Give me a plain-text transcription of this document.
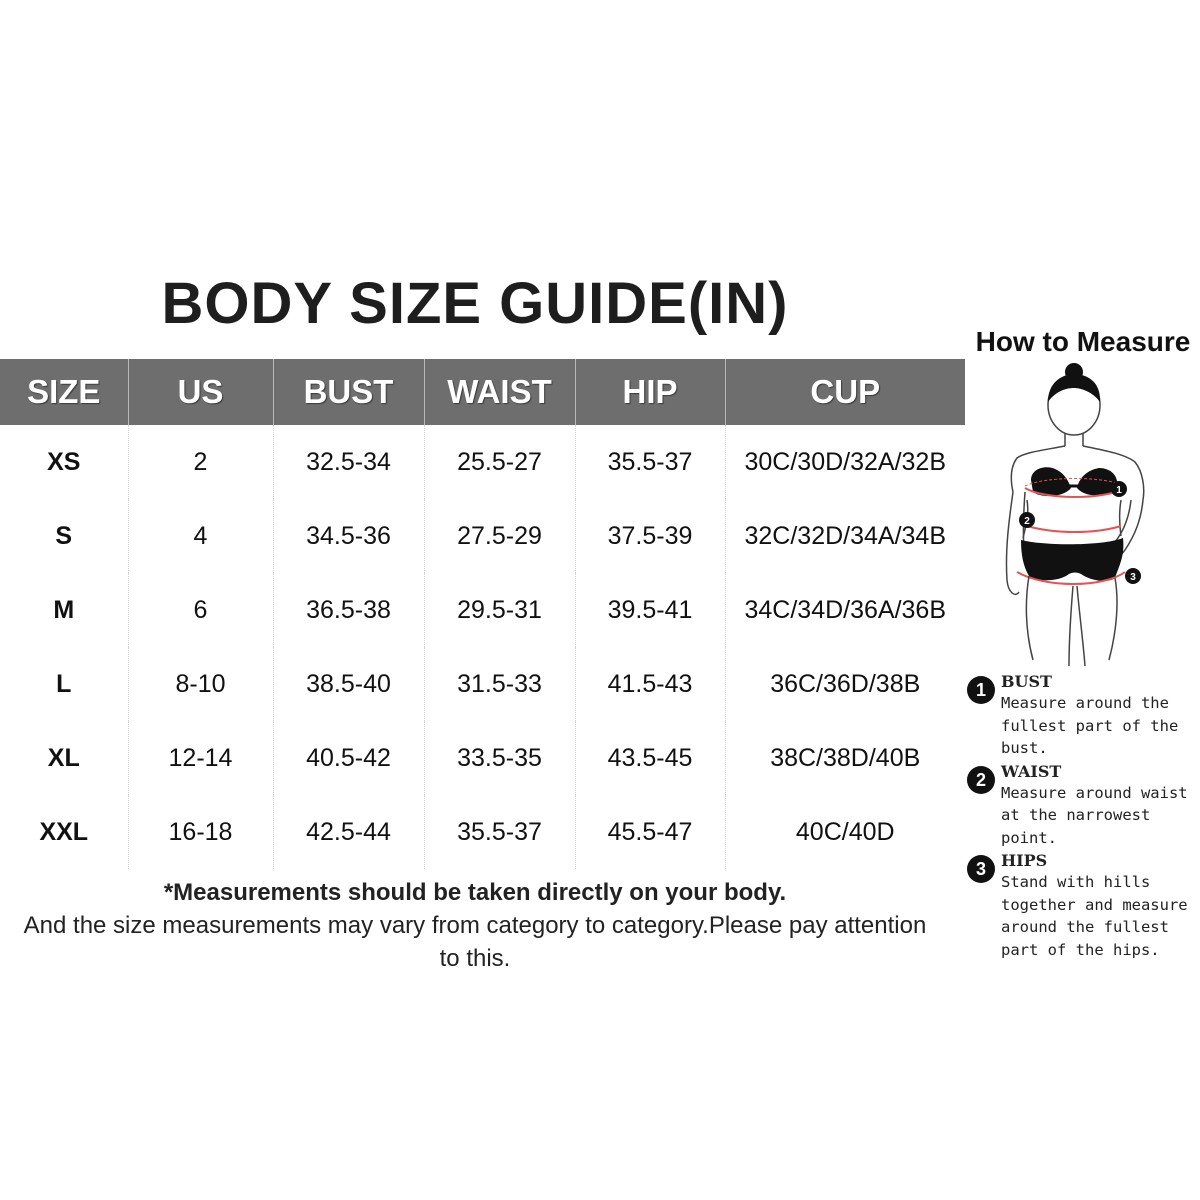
BODY SIZE GUIDE(IN)
SIZE	US	BUST	WAIST	HIP	CUP
XS	2	32.5-34	25.5-27	35.5-37	30C/30D/32A/32B
S	4	34.5-36	27.5-29	37.5-39	32C/32D/34A/34B
M	6	36.5-38	29.5-31	39.5-41	34C/34D/36A/36B
L	8-10	38.5-40	31.5-33	41.5-43	36C/36D/38B
XL	12-14	40.5-42	33.5-35	43.5-45	38C/38D/40B
XXL	16-18	42.5-44	35.5-37	45.5-47	40C/40D
*Measurements should be taken directly on your body.
And the size measurements may vary from category to category.Please pay attention to this.
How to Measure
1
2
3
1 BUST
Measure around the fullest part of the bust.
2 WAIST
Measure around waist at the narrowest point.
3 HIPS
Stand with hills together and measure around the fullest part of the hips.
